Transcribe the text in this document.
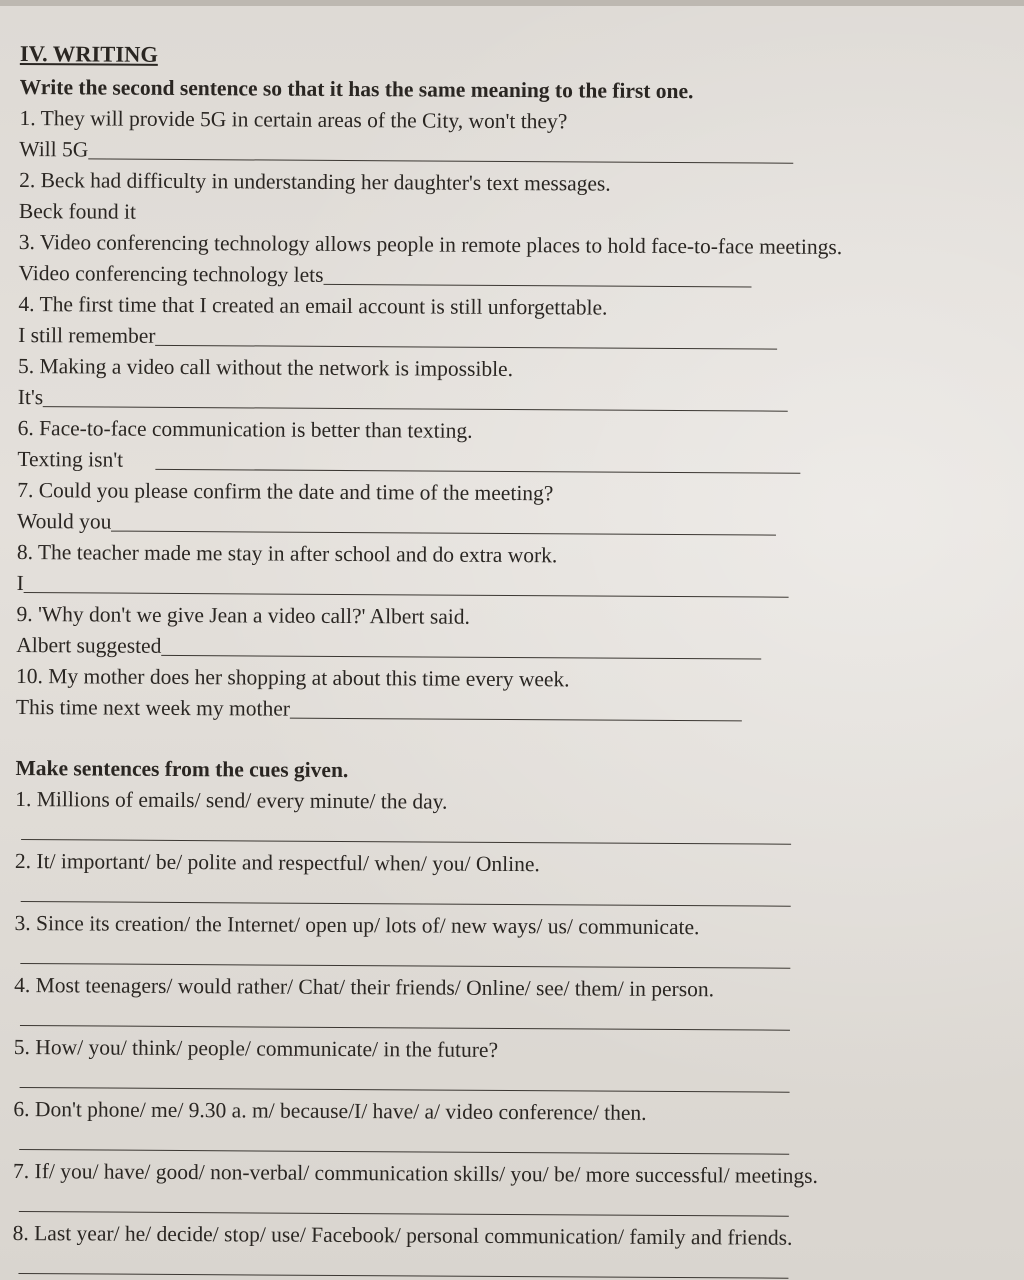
IV. WRITING
Write the second sentence so that it has the same meaning to the first one.
1. They will provide 5G in certain areas of the City, won't they?
Will 5G
2. Beck had difficulty in understanding her daughter's text messages.
Beck found it
3. Video conferencing technology allows people in remote places to hold face-to-face meetings.
Video conferencing technology lets
4. The first time that I created an email account is still unforgettable.
I still remember
5. Making a video call without the network is impossible.
It's
6. Face-to-face communication is better than texting.
Texting isn't
7. Could you please confirm the date and time of the meeting?
Would you
8. The teacher made me stay in after school and do extra work.
I
9. 'Why don't we give Jean a video call?' Albert said.
Albert suggested
10. My mother does her shopping at about this time every week.
This time next week my mother
Make sentences from the cues given.
1. Millions of emails/ send/ every minute/ the day.
2. It/ important/ be/ polite and respectful/ when/ you/ Online.
3. Since its creation/ the Internet/ open up/ lots of/ new ways/ us/ communicate.
4. Most teenagers/ would rather/ Chat/ their friends/ Online/ see/ them/ in person.
5. How/ you/ think/ people/ communicate/ in the future?
6. Don't phone/ me/ 9.30 a. m/ because/I/ have/ a/ video conference/ then.
7. If/ you/ have/ good/ non-verbal/ communication skills/ you/ be/ more successful/ meetings.
8. Last year/ he/ decide/ stop/ use/ Facebook/ personal communication/ family and friends.
